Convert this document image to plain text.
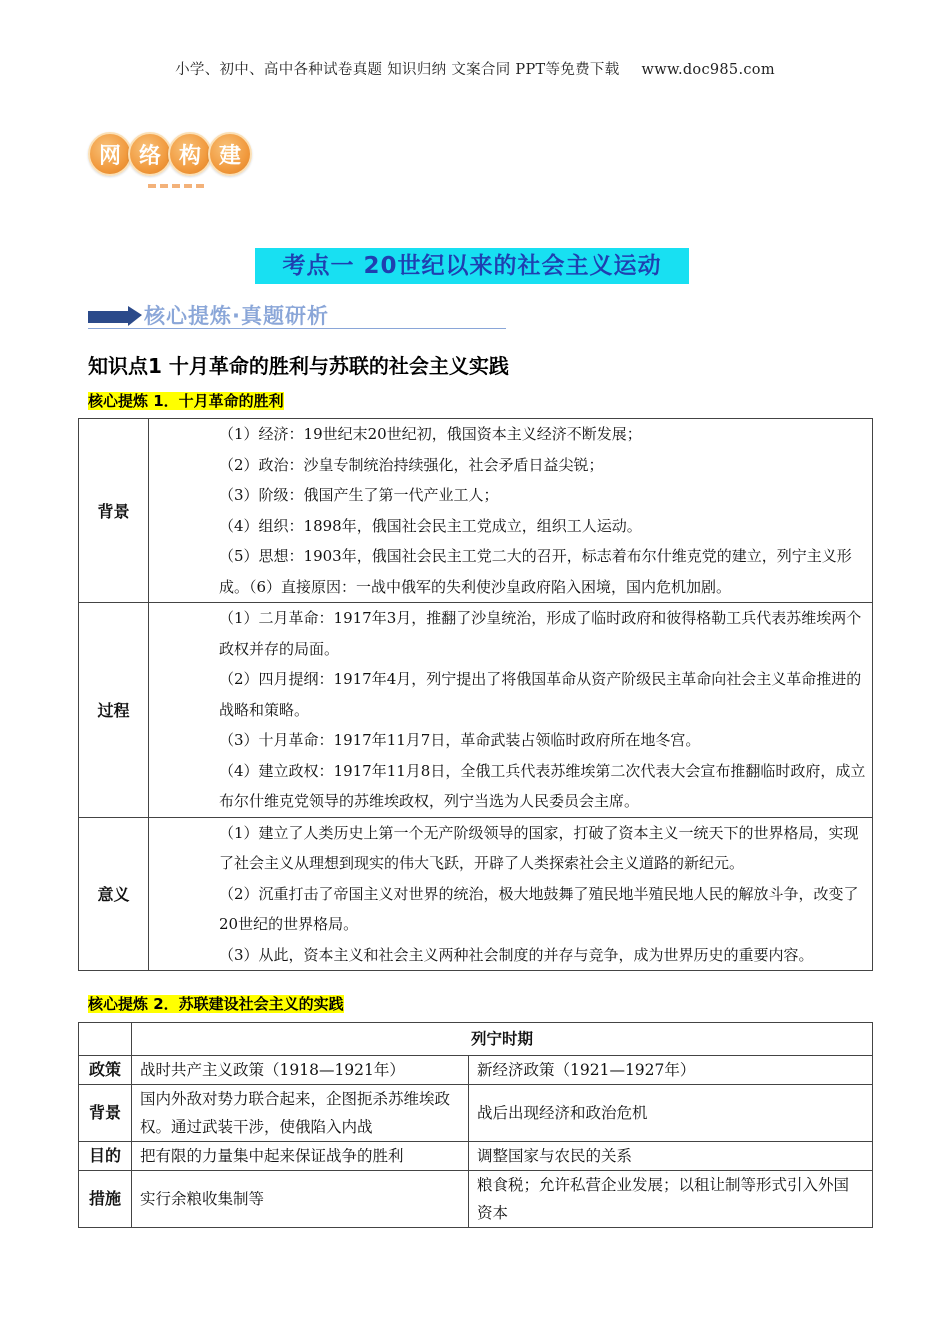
小学、初中、高中各种试卷真题 知识归纳 文案合同 PPT等免费下载 www.doc985.com
网 络 构 建
考点一 20世纪以来的社会主义运动
核心提炼·真题研析
知识点1 十月革命的胜利与苏联的社会主义实践
核心提炼 1．十月革命的胜利
背景	（1）经济：19世纪末20世纪初，俄国资本主义经济不断发展；

（2）政治：沙皇专制统治持续强化，社会矛盾日益尖锐；

（3）阶级：俄国产生了第一代产业工人；

（4）组织：1898年，俄国社会民主工党成立，组织工人运动。

（5）思想：1903年，俄国社会民主工党二大的召开，标志着布尔什维克党的建立，列宁主义形成。（6）直接原因：一战中俄军的失利使沙皇政府陷入困境，国内危机加剧。

过程	（1）二月革命：1917年3月，推翻了沙皇统治，形成了临时政府和彼得格勒工兵代表苏维埃两个政权并存的局面。

（2）四月提纲：1917年4月，列宁提出了将俄国革命从资产阶级民主革命向社会主义革命推进的战略和策略。

（3）十月革命：1917年11月7日，革命武装占领临时政府所在地冬宫。

（4）建立政权：1917年11月8日，全俄工兵代表苏维埃第二次代表大会宣布推翻临时政府，成立布尔什维克党领导的苏维埃政权，列宁当选为人民委员会主席。

意义	（1）建立了人类历史上第一个无产阶级领导的国家，打破了资本主义一统天下的世界格局，实现了社会主义从理想到现实的伟大飞跃，开辟了人类探索社会主义道路的新纪元。

（2）沉重打击了帝国主义对世界的统治，极大地鼓舞了殖民地半殖民地人民的解放斗争，改变了20世纪的世界格局。

（3）从此，资本主义和社会主义两种社会制度的并存与竞争，成为世界历史的重要内容。

核心提炼 2．苏联建设社会主义的实践
	列宁时期	
政策	战时共产主义政策（1918—1921年）	新经济政策（1921—1927年）
背景	国内外敌对势力联合起来，企图扼杀苏维埃政权。通过武装干涉，使俄陷入内战	战后出现经济和政治危机
目的	把有限的力量集中起来保证战争的胜利	调整国家与农民的关系
措施	实行余粮收集制等	粮食税；允许私营企业发展；以租让制等形式引入外国资本
